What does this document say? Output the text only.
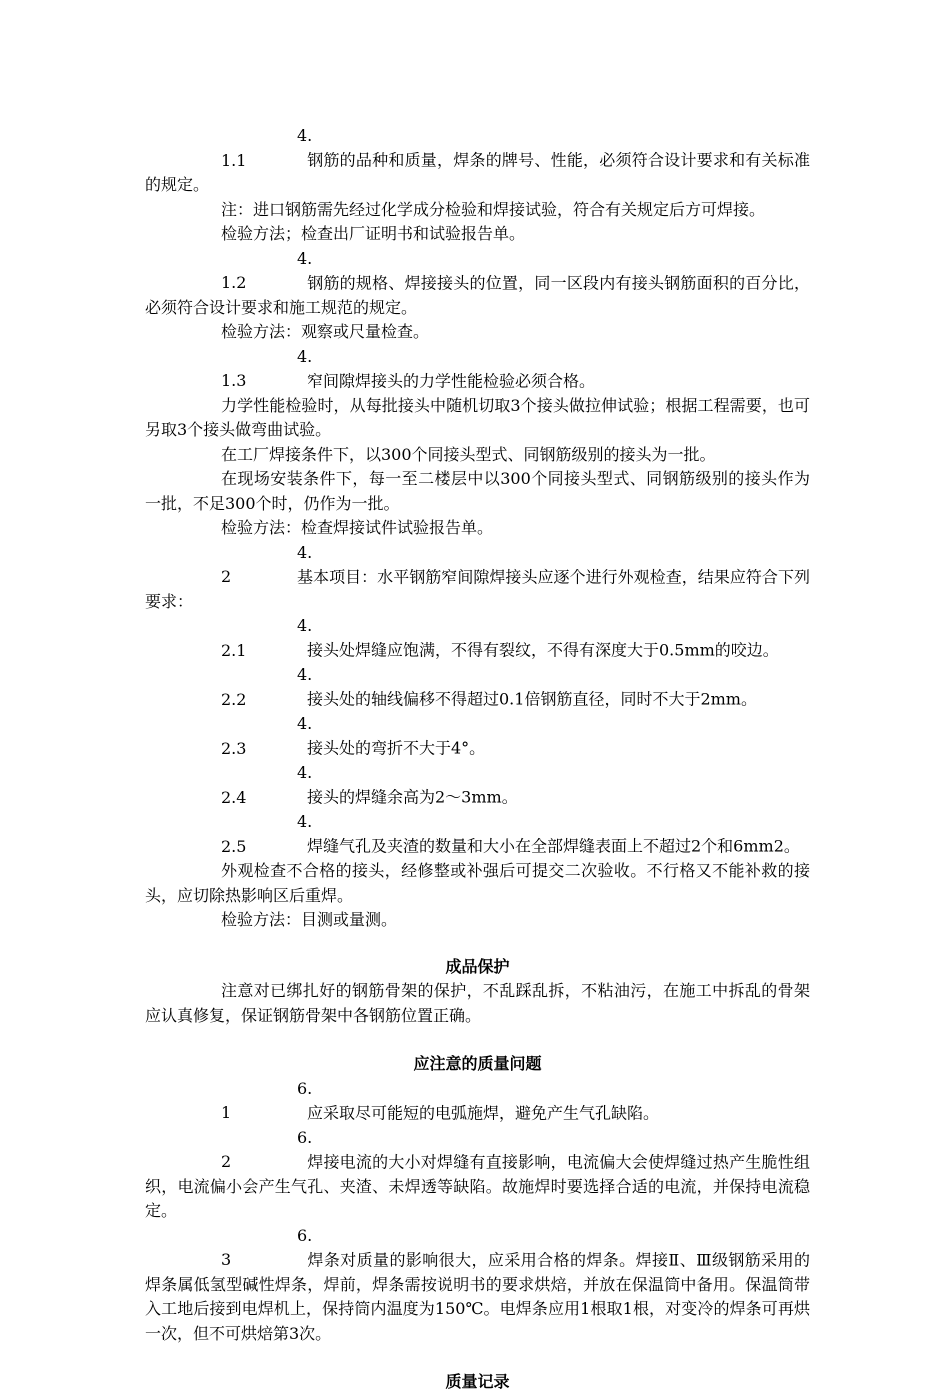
4.1.1	钢筋的品种和质量，焊条的牌号、性能，必须符合设计要求和有关标准的规定。

注：进口钢筋需先经过化学成分检验和焊接试验，符合有关规定后方可焊接。

检验方法；检查出厂证明书和试验报告单。

4.1.2	钢筋的规格、焊接接头的位置，同一区段内有接头钢筋面积的百分比，必须符合设计要求和施工规范的规定。

检验方法：观察或尺量检查。

4.1.3	窄间隙焊接头的力学性能检验必须合格。

力学性能检验时，从每批接头中随机切取3个接头做拉伸试验；根据工程需要，也可另取3个接头做弯曲试验。

在工厂焊接条件下，以300个同接头型式、同钢筋级别的接头为一批。

在现场安装条件下，每一至二楼层中以300个同接头型式、同钢筋级别的接头作为一批，不足300个时，仍作为一批。

检验方法：检查焊接试件试验报告单。

4.2	基本项目：水平钢筋窄间隙焊接头应逐个进行外观检查，结果应符合下列要求：

4.2.1	接头处焊缝应饱满，不得有裂纹，不得有深度大于0.5mm的咬边。

4.2.2	接头处的轴线偏移不得超过0.1倍钢筋直径，同时不大于2mm。

4.2.3	接头处的弯折不大于4°。

4.2.4	接头的焊缝余高为2～3mm。

4.2.5	焊缝气孔及夹渣的数量和大小在全部焊缝表面上不超过2个和6mm2。

外观检查不合格的接头，经修整或补强后可提交二次验收。不行格又不能补救的接头，应切除热影响区后重焊。

检验方法：目测或量测。

成品保护

注意对已绑扎好的钢筋骨架的保护，不乱踩乱拆，不粘油污，在施工中拆乱的骨架应认真修复，保证钢筋骨架中各钢筋位置正确。

应注意的质量问题

6.1	应采取尽可能短的电弧施焊，避免产生气孔缺陷。

6.2	焊接电流的大小对焊缝有直接影响，电流偏大会使焊缝过热产生脆性组织，电流偏小会产生气孔、夹渣、未焊透等缺陷。故施焊时要选择合适的电流，并保持电流稳定。

6.3	焊条对质量的影响很大，应采用合格的焊条。焊接Ⅱ、Ⅲ级钢筋采用的焊条属低氢型碱性焊条，焊前，焊条需按说明书的要求烘焙，并放在保温筒中备用。保温筒带入工地后接到电焊机上，保持筒内温度为150℃。电焊条应用1根取1根，对变冷的焊条可再烘一次，但不可烘焙第3次。

质量记录
